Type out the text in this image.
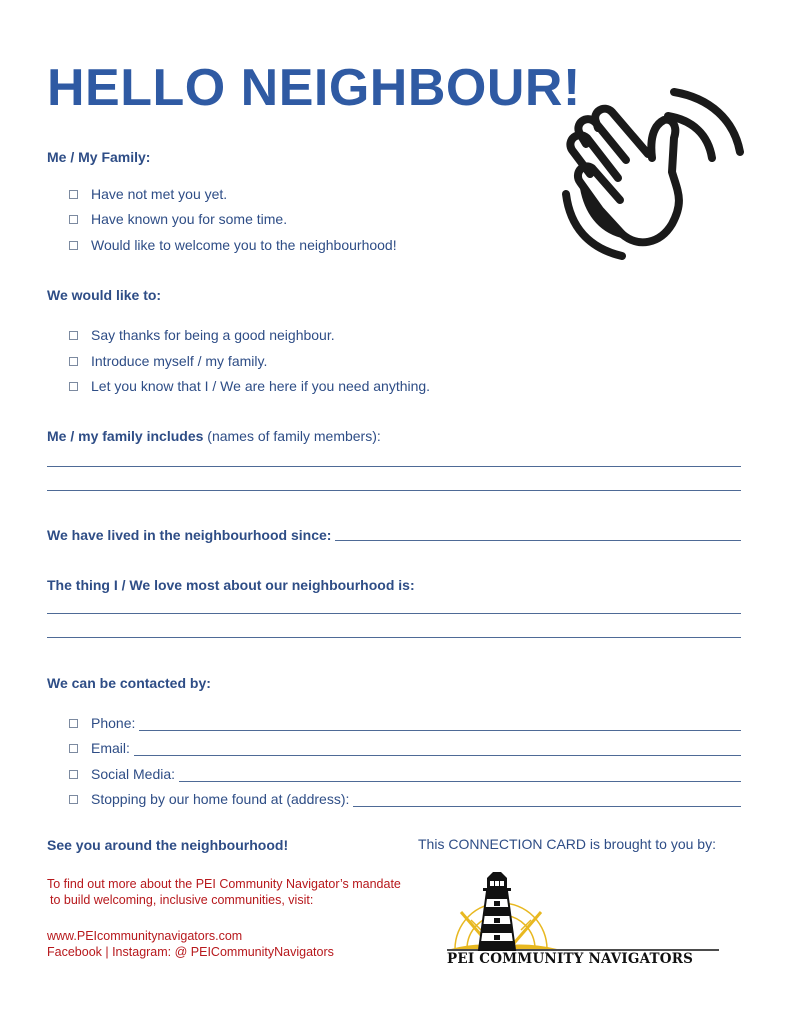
HELLO NEIGHBOUR!
Me / My Family:
Have not met you yet.
Have known you for some time.
Would like to welcome you to the neighbourhood!
We would like to:
Say thanks for being a good neighbour.
Introduce myself / my family.
Let you know that I / We are here if you need anything.
Me / my family includes (names of family members):
We have lived in the neighbourhood since:
The thing I / We love most about our neighbourhood is:
We can be contacted by:
Phone:
Email:
Social Media:
Stopping by our home found at (address):
See you around the neighbourhood!	This CONNECTION CARD is brought to you by:
To find out more about the PEI Community Navigator’s mandate
to build welcoming, inclusive communities, visit:
www.PEIcommunitynavigators.com
Facebook | Instagram: @ PEICommunityNavigators	PEI COMMUNITY NAVIGATORS
